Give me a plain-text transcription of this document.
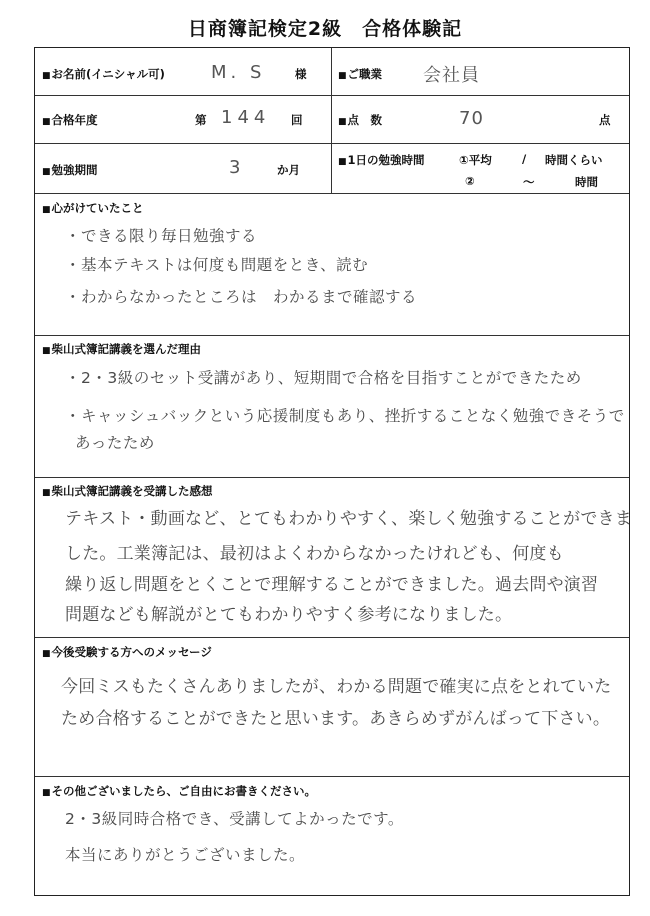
日商簿記検定2級　合格体験記
■ お名前(イニシャル可)	M. S	様	■ ご職業 会社員
■ 合格年度	第 144 回	■ 点　数	70	点
■ 勉強期間	3	か月
■ 1日の勉強時間	①平均	/ 時間くらい
②	～	時間
■ 心がけていたこと
・できる限り毎日勉強する
・基本テキストは何度も問題をとき、読む
・わからなかったところは　わかるまで確認する
■ 柴山式簿記講義を選んだ理由
・2・3級のセット受講があり、短期間で合格を目指すことができたため
・キャッシュバックという応援制度もあり、挫折することなく勉強できそうで
あったため
■ 柴山式簿記講義を受講した感想
テキスト・動画など、とてもわかりやすく、楽しく勉強することができま
した。工業簿記は、最初はよくわからなかったけれども、何度も
繰り返し問題をとくことで理解することができました。過去問や演習
問題なども解説がとてもわかりやすく参考になりました。
■ 今後受験する方へのメッセージ
今回ミスもたくさんありましたが、わかる問題で確実に点をとれていた
ため合格することができたと思います。あきらめずがんばって下さい。
■ その他ございましたら、ご自由にお書きください。
2・3級同時合格でき、受講してよかったです。
本当にありがとうございました。
